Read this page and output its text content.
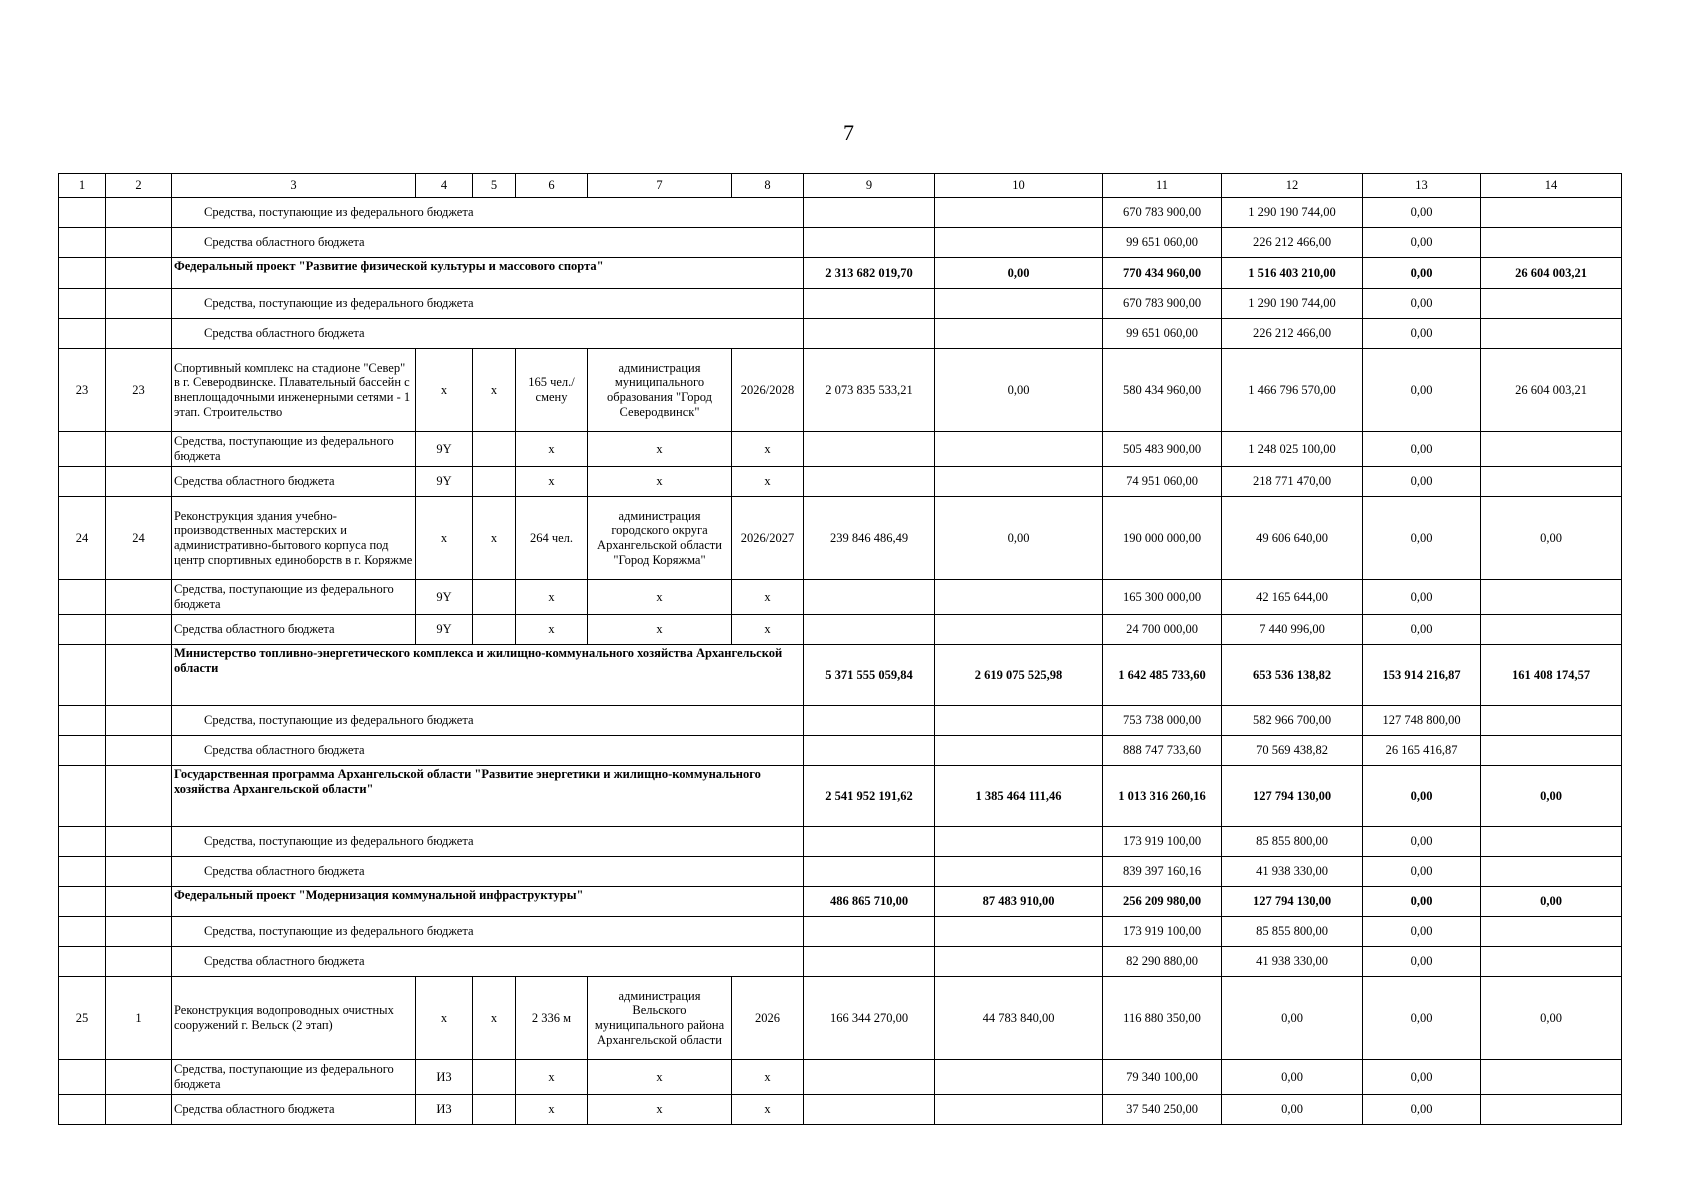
7
1	2	3	4	5	6	7	8	9	10	11	12	13	14
		Средства, поступающие из федерального бюджета								670 783 900,00	1 290 190 744,00	0,00	
		Средства областного бюджета								99 651 060,00	226 212 466,00	0,00	
		Федеральный проект "Развитие физической культуры и массового спорта"						2 313 682 019,70	0,00	770 434 960,00	1 516 403 210,00	0,00	26 604 003,21
		Средства, поступающие из федерального бюджета								670 783 900,00	1 290 190 744,00	0,00	
		Средства областного бюджета								99 651 060,00	226 212 466,00	0,00	
23	23	Спортивный комплекс на стадионе "Север" в г. Северодвинске. Плавательный бассейн с внеплощадочными инженерными сетями - 1 этап. Строительство	х	х	165 чел./смену	администрация муниципального образования "Город Северодвинск"	2026/2028	2 073 835 533,21	0,00	580 434 960,00	1 466 796 570,00	0,00	26 604 003,21
		Средства, поступающие из федерального бюджета	9Y		х	х	х			505 483 900,00	1 248 025 100,00	0,00	
		Средства областного бюджета	9Y		х	х	х			74 951 060,00	218 771 470,00	0,00	
24	24	Реконструкция здания учебно-производственных мастерских и административно-бытового корпуса под центр спортивных единоборств в г. Коряжме	х	х	264 чел.	администрация городского округа Архангельской области "Город Коряжма"	2026/2027	239 846 486,49	0,00	190 000 000,00	49 606 640,00	0,00	0,00
		Средства, поступающие из федерального бюджета	9Y		х	х	х			165 300 000,00	42 165 644,00	0,00	
		Средства областного бюджета	9Y		х	х	х			24 700 000,00	7 440 996,00	0,00	
		Министерство топливно-энергетического комплекса и жилищно-коммунального хозяйства Архангельской области						5 371 555 059,84	2 619 075 525,98	1 642 485 733,60	653 536 138,82	153 914 216,87	161 408 174,57
		Средства, поступающие из федерального бюджета								753 738 000,00	582 966 700,00	127 748 800,00	
		Средства областного бюджета								888 747 733,60	70 569 438,82	26 165 416,87	
		Государственная программа Архангельской области "Развитие энергетики и жилищно-коммунального хозяйства Архангельской области"						2 541 952 191,62	1 385 464 111,46	1 013 316 260,16	127 794 130,00	0,00	0,00
		Средства, поступающие из федерального бюджета								173 919 100,00	85 855 800,00	0,00	
		Средства областного бюджета								839 397 160,16	41 938 330,00	0,00	
		Федеральный проект "Модернизация коммунальной инфраструктуры"						486 865 710,00	87 483 910,00	256 209 980,00	127 794 130,00	0,00	0,00
		Средства, поступающие из федерального бюджета								173 919 100,00	85 855 800,00	0,00	
		Средства областного бюджета								82 290 880,00	41 938 330,00	0,00	
25	1	Реконструкция водопроводных очистных сооружений г. Вельск (2 этап)	х	х	2 336 м	администрация Вельского муниципального района Архангельской области	2026	166 344 270,00	44 783 840,00	116 880 350,00	0,00	0,00	0,00
		Средства, поступающие из федерального бюджета	И3		х	х	х			79 340 100,00	0,00	0,00	
		Средства областного бюджета	И3		х	х	х			37 540 250,00	0,00	0,00	
